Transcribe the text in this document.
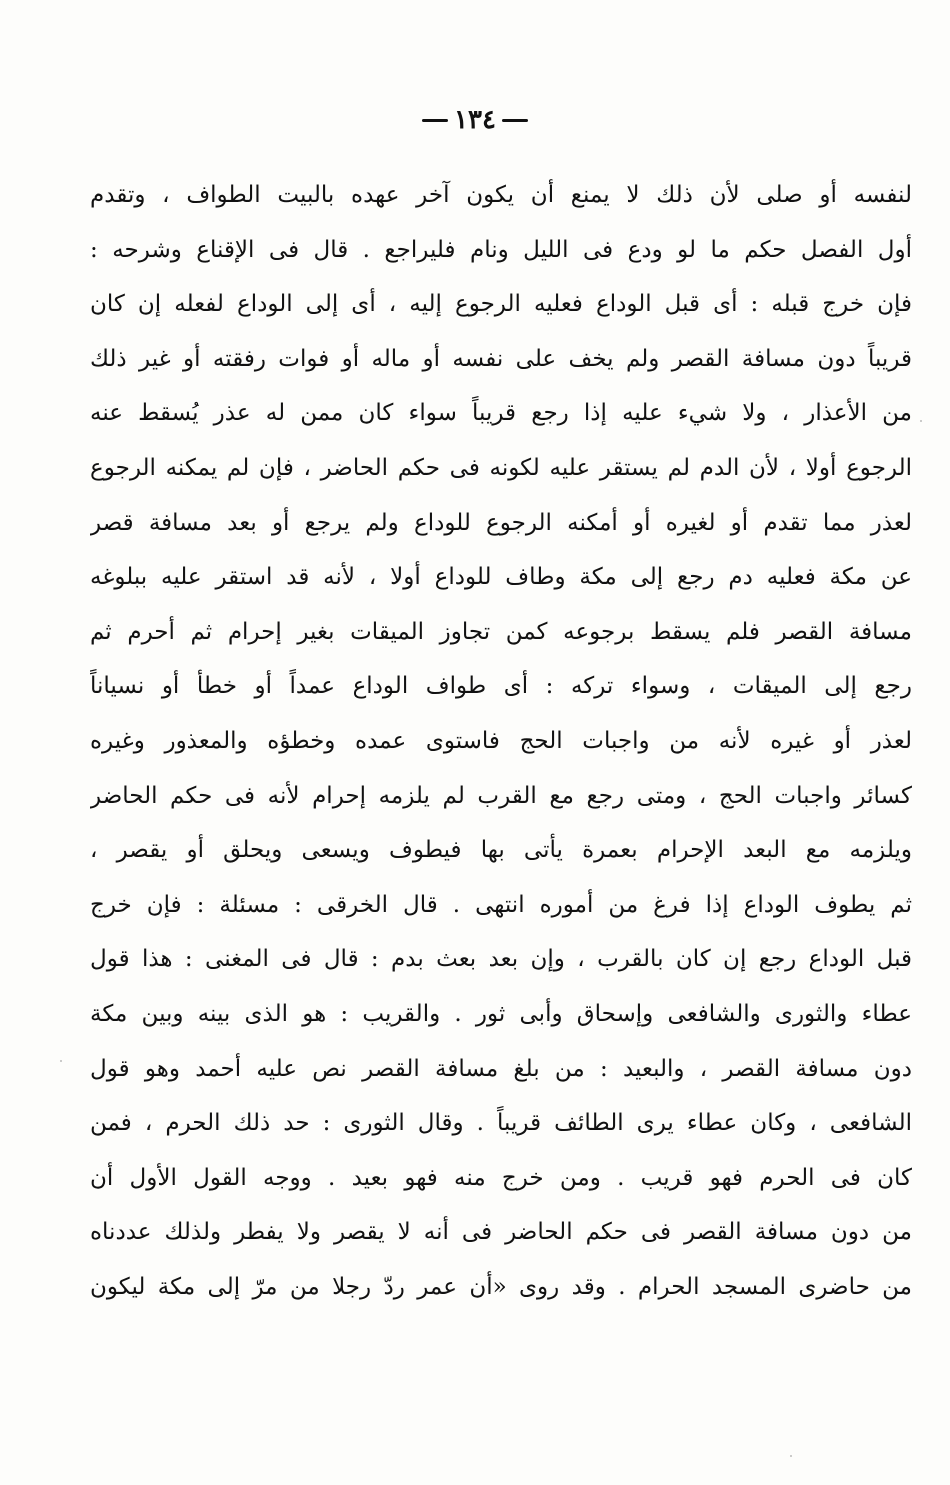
١٣٤
لنفسه أو صلى لأن ذلك لا يمنع أن يكون آخر عهده بالبيت الطواف ، وتقدم
أول الفصل حكم ما لو ودع فى الليل ونام فليراجع . قال فى الإقناع وشرحه :
فإن خرج قبله : أى قبل الوداع فعليه الرجوع إليه ، أى إلى الوداع لفعله إن كان
قريباً دون مسافة القصر ولم يخف على نفسه أو ماله أو فوات رفقته أو غير ذلك
من الأعذار ، ولا شيء عليه إذا رجع قريباً سواء كان ممن له عذر يُسقط عنه
الرجوع أولا ، لأن الدم لم يستقر عليه لكونه فى حكم الحاضر ، فإن لم يمكنه الرجوع
لعذر مما تقدم أو لغيره أو أمكنه الرجوع للوداع ولم يرجع أو بعد مسافة قصر
عن مكة فعليه دم رجع إلى مكة وطاف للوداع أولا ، لأنه قد استقر عليه ببلوغه
مسافة القصر فلم يسقط برجوعه كمن تجاوز الميقات بغير إحرام ثم أحرم ثم
رجع إلى الميقات ، وسواء تركه : أى طواف الوداع عمداً أو خطأ أو نسياناً
لعذر أو غيره لأنه من واجبات الحج فاستوى عمده وخطؤه والمعذور وغيره
كسائر واجبات الحج ، ومتى رجع مع القرب لم يلزمه إحرام لأنه فى حكم الحاضر
ويلزمه مع البعد الإحرام بعمرة يأتى بها فيطوف ويسعى ويحلق أو يقصر ،
ثم يطوف الوداع إذا فرغ من أموره انتهى . قال الخرقى : مسئلة : فإن خرج
قبل الوداع رجع إن كان بالقرب ، وإن بعد بعث بدم : قال فى المغنى : هذا قول
عطاء والثورى والشافعى وإسحاق وأبى ثور . والقريب : هو الذى بينه وبين مكة
دون مسافة القصر ، والبعيد : من بلغ مسافة القصر نص عليه أحمد وهو قول
الشافعى ، وكان عطاء يرى الطائف قريباً . وقال الثورى : حد ذلك الحرم ، فمن
كان فى الحرم فهو قريب . ومن خرج منه فهو بعيد . ووجه القول الأول أن
من دون مسافة القصر فى حكم الحاضر فى أنه لا يقصر ولا يفطر ولذلك عددناه
من حاضرى المسجد الحرام . وقد روى «أن عمر ردّ رجلا من مرّ إلى مكة ليكون
